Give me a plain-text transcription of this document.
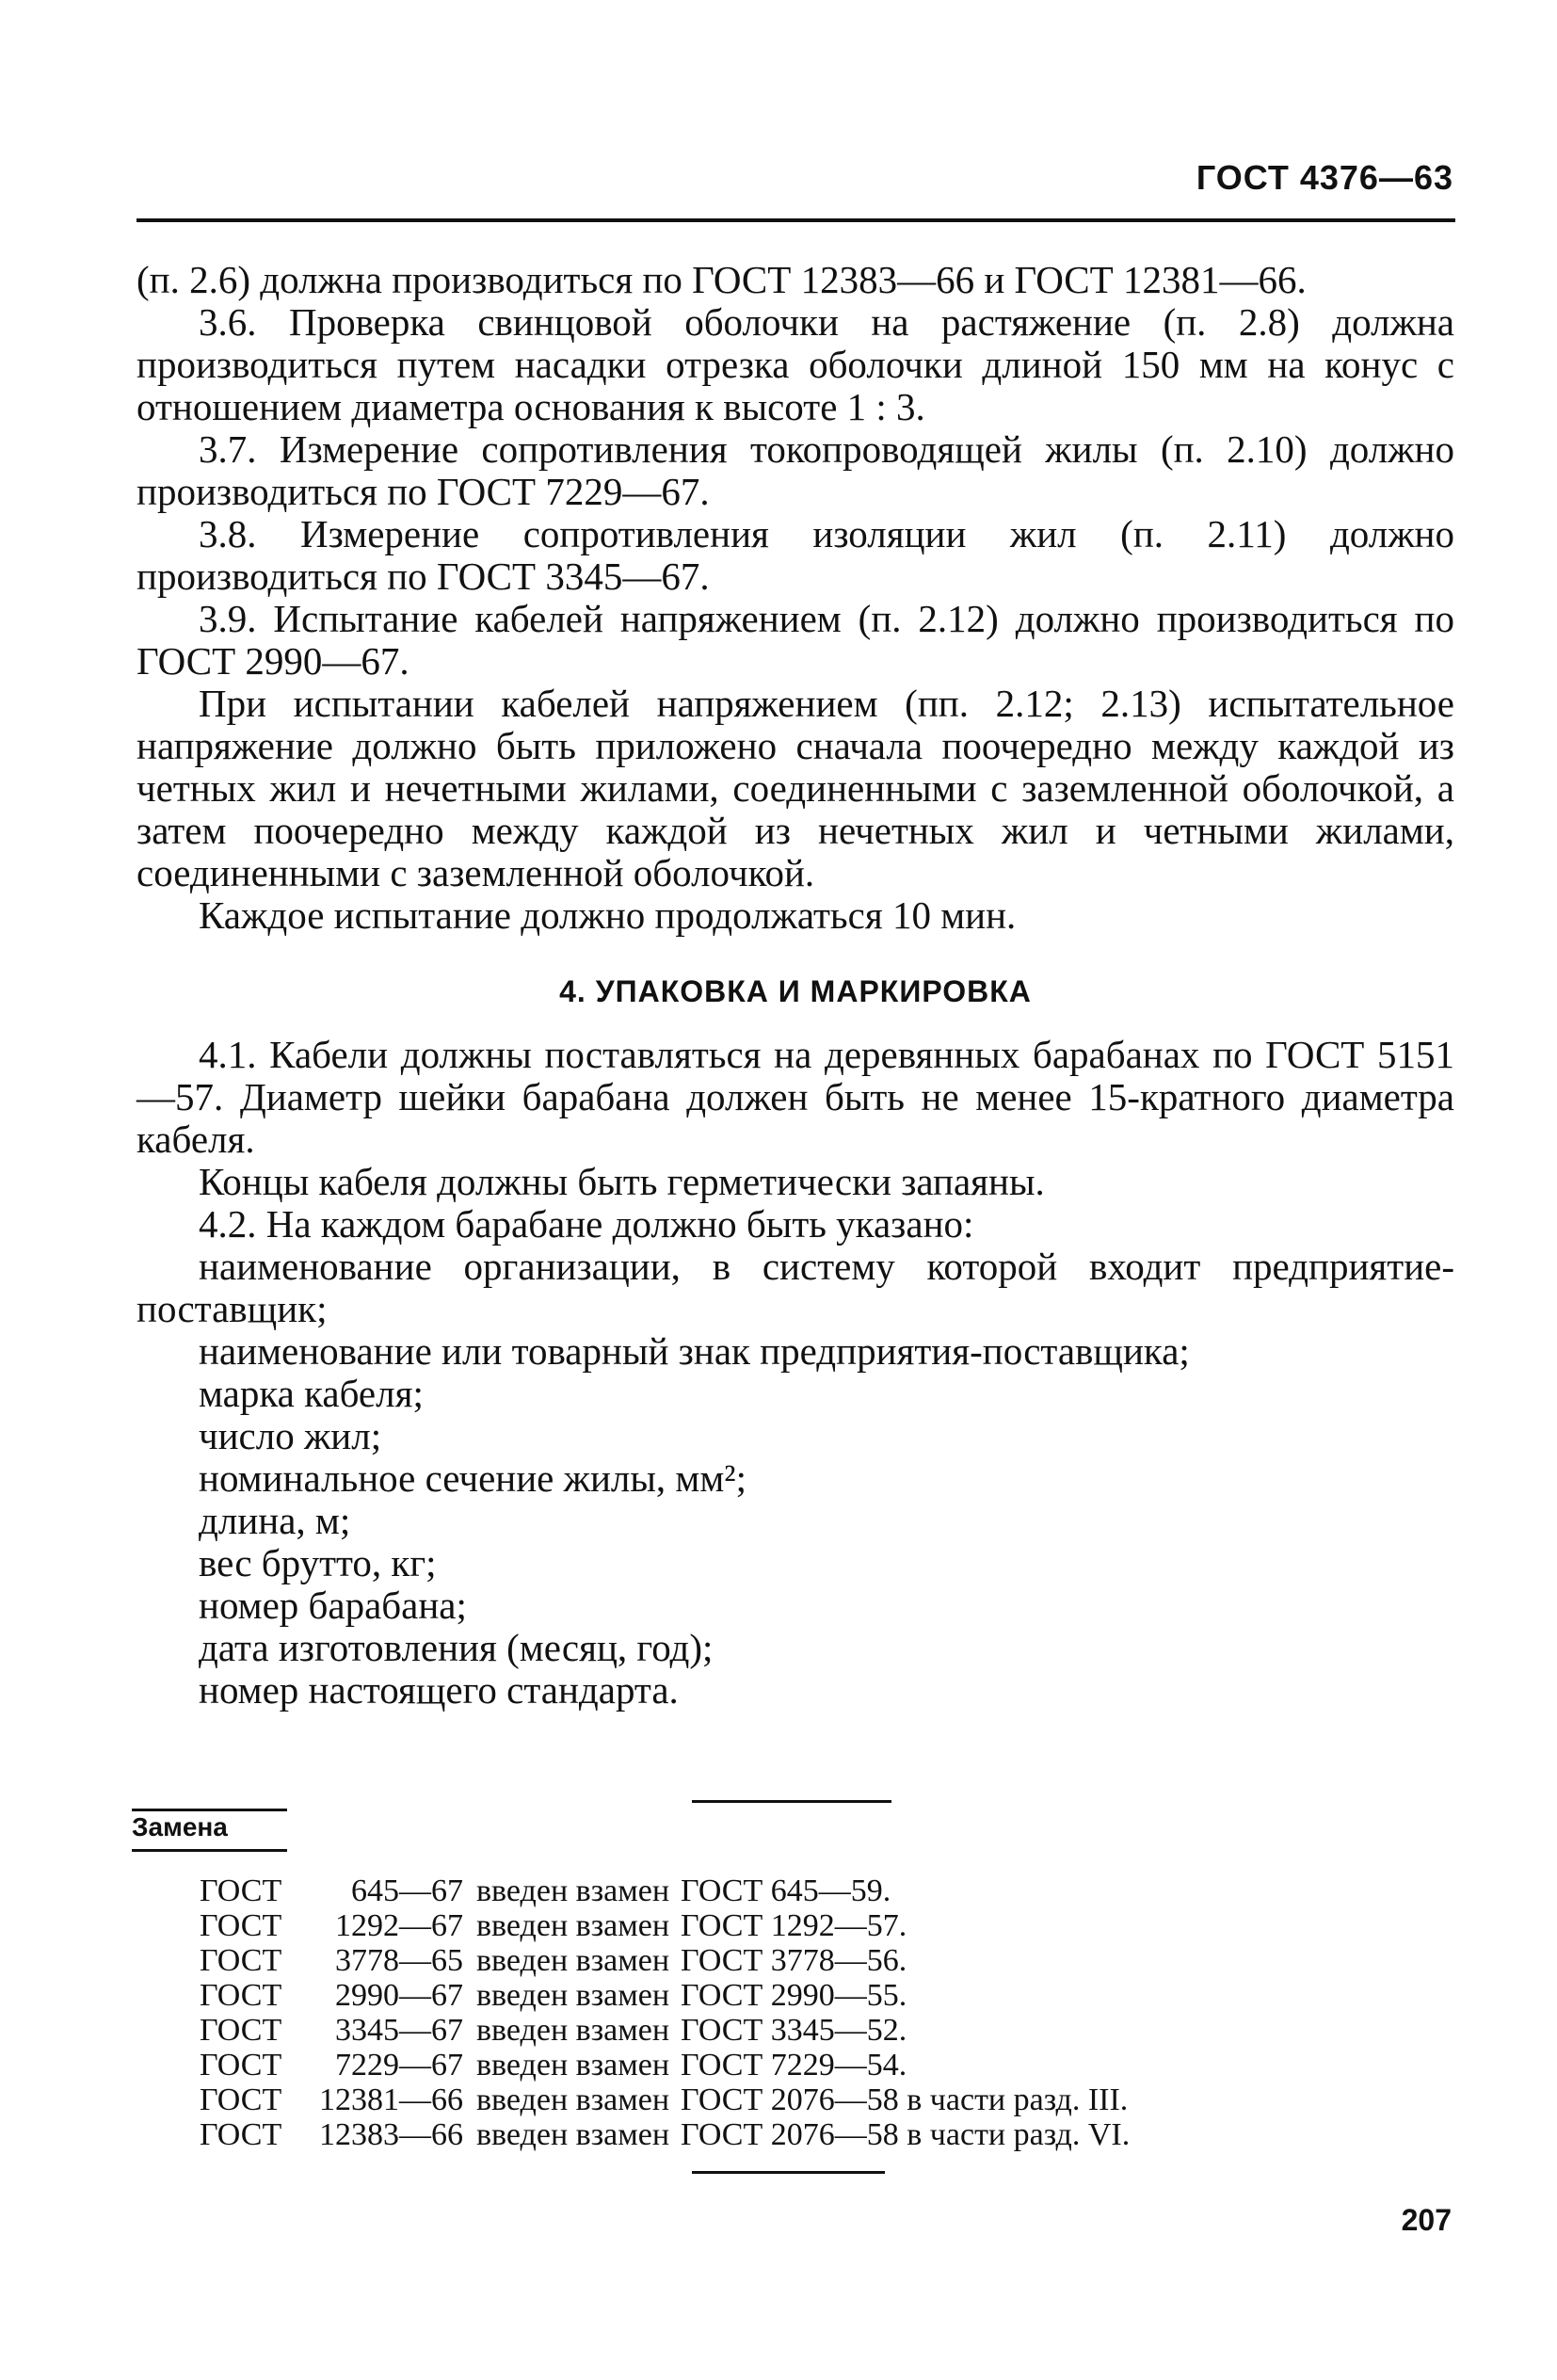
ГОСТ 4376—63

(п. 2.6) должна производиться по ГОСТ 12383—66 и ГОСТ 12381—66.

3.6. Проверка свинцовой оболочки на растяжение (п. 2.8) должна производиться путем насадки отрезка оболочки длиной 150 мм на конус с отношением диаметра основания к высоте 1 : 3.

3.7. Измерение сопротивления токопроводящей жилы (п. 2.10) должно производиться по ГОСТ 7229—67.

3.8. Измерение сопротивления изоляции жил (п. 2.11) должно производиться по ГОСТ 3345—67.

3.9. Испытание кабелей напряжением (п. 2.12) должно производиться по ГОСТ 2990—67.

При испытании кабелей напряжением (пп. 2.12; 2.13) испытательное напряжение должно быть приложено сначала поочередно между каждой из четных жил и нечетными жилами, соединенными с заземленной оболочкой, а затем поочередно между каждой из нечетных жил и четными жилами, соединенными с заземленной оболочкой.

Каждое испытание должно продолжаться 10 мин.

4. УПАКОВКА И МАРКИРОВКА

4.1. Кабели должны поставляться на деревянных барабанах по ГОСТ 5151—57. Диаметр шейки барабана должен быть не менее 15-кратного диаметра кабеля.

Концы кабеля должны быть герметически запаяны.

4.2. На каждом барабане должно быть указано:

наименование организации, в систему которой входит предприятие-поставщик;

наименование или товарный знак предприятия-поставщика;

марка кабеля;

число жил;

номинальное сечение жилы, мм²;

длина, м;

вес брутто, кг;

номер барабана;

дата изготовления (месяц, год);

номер настоящего стандарта.

Замена
ГОСТ	645—67	введен взамен	ГОСТ 645—59.
ГОСТ	1292—67	введен взамен	ГОСТ 1292—57.
ГОСТ	3778—65	введен взамен	ГОСТ 3778—56.
ГОСТ	2990—67	введен взамен	ГОСТ 2990—55.
ГОСТ	3345—67	введен взамен	ГОСТ 3345—52.
ГОСТ	7229—67	введен взамен	ГОСТ 7229—54.
ГОСТ	12381—66	введен взамен	ГОСТ 2076—58 в части разд. III.
ГОСТ	12383—66	введен взамен	ГОСТ 2076—58 в части разд. VI.
207
